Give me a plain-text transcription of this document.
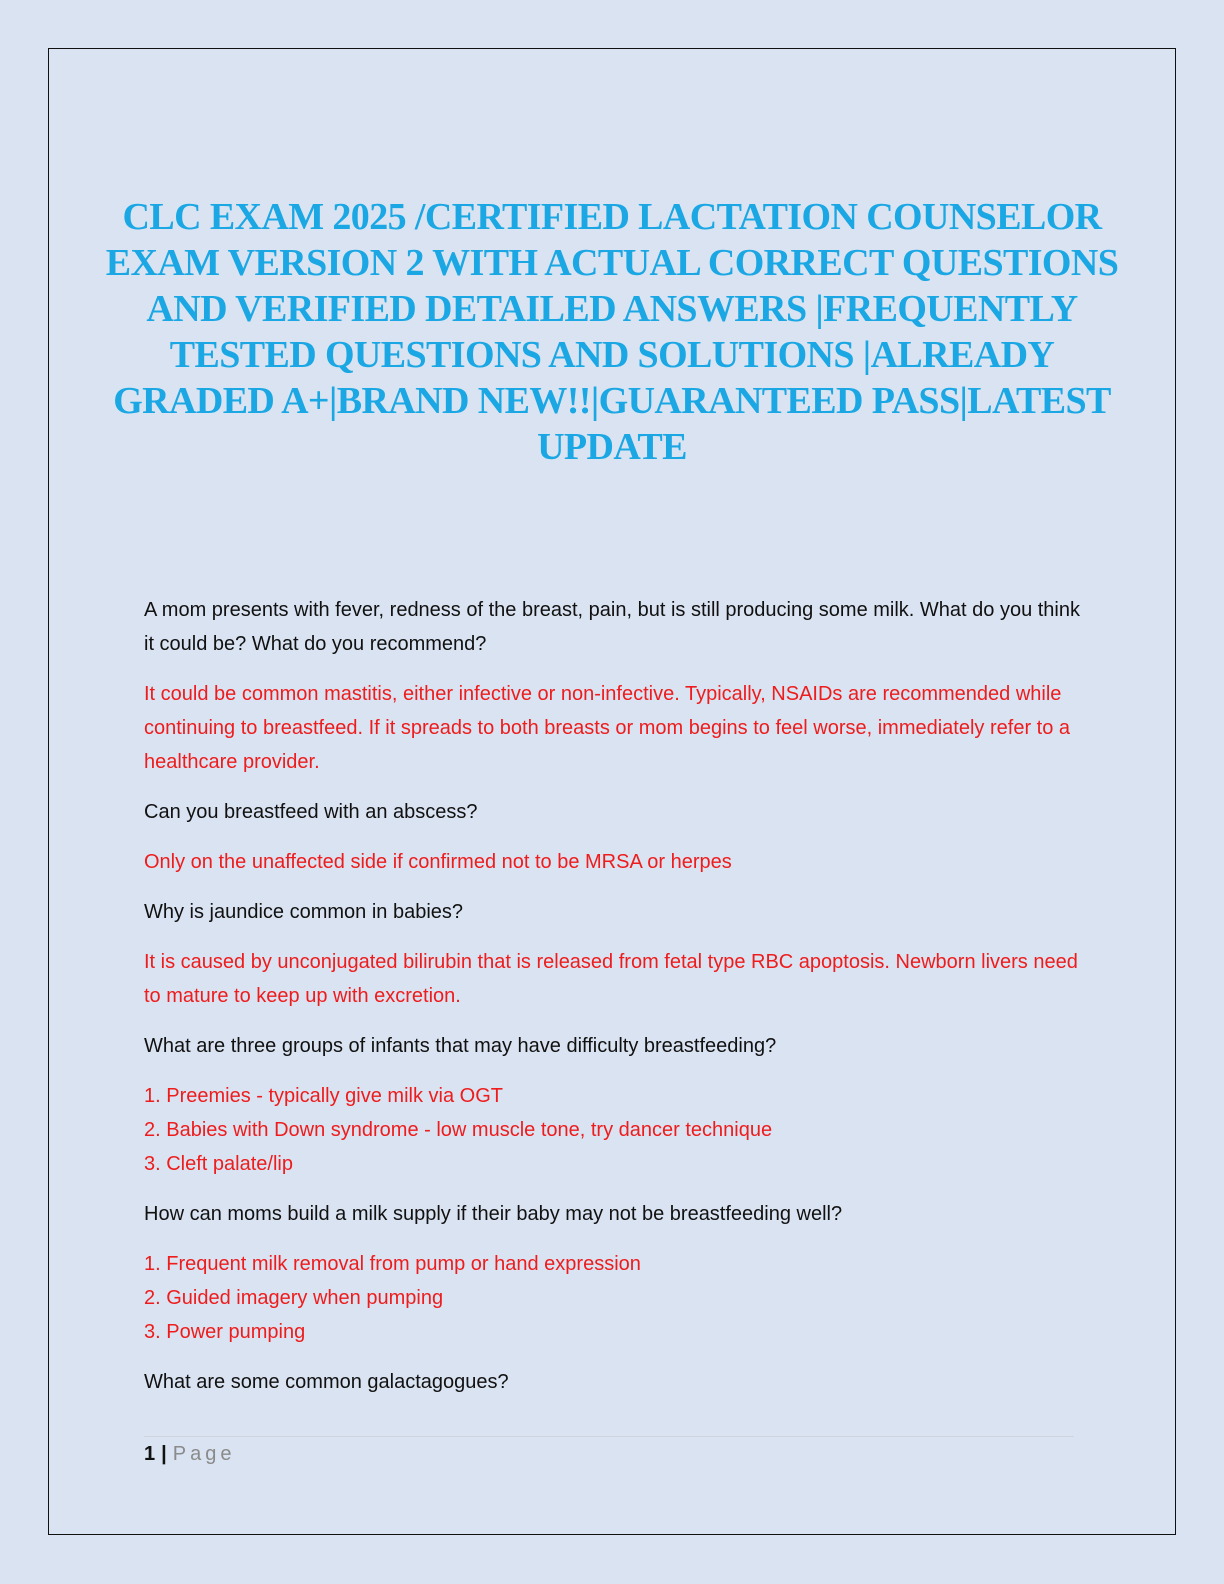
CLC EXAM 2025 /CERTIFIED LACTATION COUNSELOR EXAM VERSION 2 WITH ACTUAL CORRECT QUESTIONS AND VERIFIED DETAILED ANSWERS |FREQUENTLY TESTED QUESTIONS AND SOLUTIONS |ALREADY GRADED A+|BRAND NEW!!|GUARANTEED PASS|LATEST UPDATE

A mom presents with fever, redness of the breast, pain, but is still producing some milk. What do you think it could be? What do you recommend?

It could be common mastitis, either infective or non-infective. Typically, NSAIDs are recommended while continuing to breastfeed. If it spreads to both breasts or mom begins to feel worse, immediately refer to a healthcare provider.

Can you breastfeed with an abscess?

Only on the unaffected side if confirmed not to be MRSA or herpes

Why is jaundice common in babies?

It is caused by unconjugated bilirubin that is released from fetal type RBC apoptosis. Newborn livers need to mature to keep up with excretion.

What are three groups of infants that may have difficulty breastfeeding?

1. Preemies - typically give milk via OGT
2. Babies with Down syndrome - low muscle tone, try dancer technique
3. Cleft palate/lip

How can moms build a milk supply if their baby may not be breastfeeding well?

1. Frequent milk removal from pump or hand expression
2. Guided imagery when pumping
3. Power pumping

What are some common galactagogues?

1 | Page
